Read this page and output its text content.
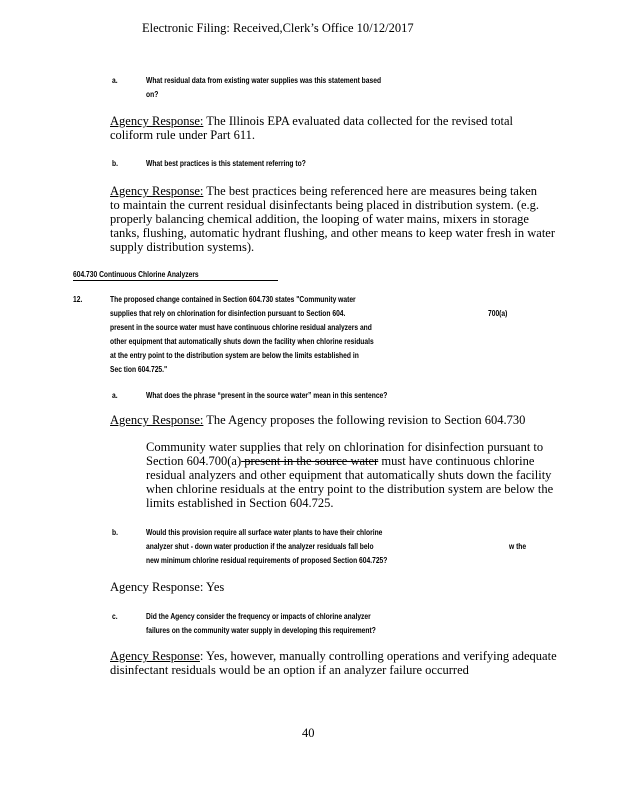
Electronic Filing: Received,Clerk’s Office 10/12/2017
a.	What residual data from existing water supplies was this statement based
on?
Agency Response: The Illinois EPA evaluated data collected for the revised total
coliform rule under Part 611.
b.	What best practices is this statement referring to?
Agency Response: The best practices being referenced here are measures being taken
to maintain the current residual disinfectants being placed in distribution system. (e.g.
properly balancing chemical addition, the looping of water mains, mixers in storage
tanks, flushing, automatic hydrant flushing, and other means to keep water fresh in water
supply distribution systems).
604.730 Continuous Chlorine Analyzers
12.	The proposed change contained in Section 604.730 states "Community water
supplies that rely on chlorination for disinfection pursuant to Section 604.	700(a)
present in the source water must have continuous chlorine residual analyzers and
other equipment that automatically shuts down the facility when chlorine residuals
at the entry point to the distribution system are below the limits established in
Sec tion 604.725."
a.	What does the phrase “present in the source water” mean in this sentence?
Agency Response: The Agency proposes the following revision to Section 604.730
Community water supplies that rely on chlorination for disinfection pursuant to
Section 604.700(a) present in the source water must have continuous chlorine
residual analyzers and other equipment that automatically shuts down the facility
when chlorine residuals at the entry point to the distribution system are below the
limits established in Section 604.725.
b.	Would this provision require all surface water plants to have their chlorine
analyzer shut - down water production if the analyzer residuals fall belo	w the
new minimum chlorine residual requirements of proposed Section 604.725?
Agency Response: Yes
c.	Did the Agency consider the frequency or impacts of chlorine analyzer
failures on the community water supply in developing this requirement?
Agency Response: Yes, however, manually controlling operations and verifying adequate
disinfectant residuals would be an option if an analyzer failure occurred
40
